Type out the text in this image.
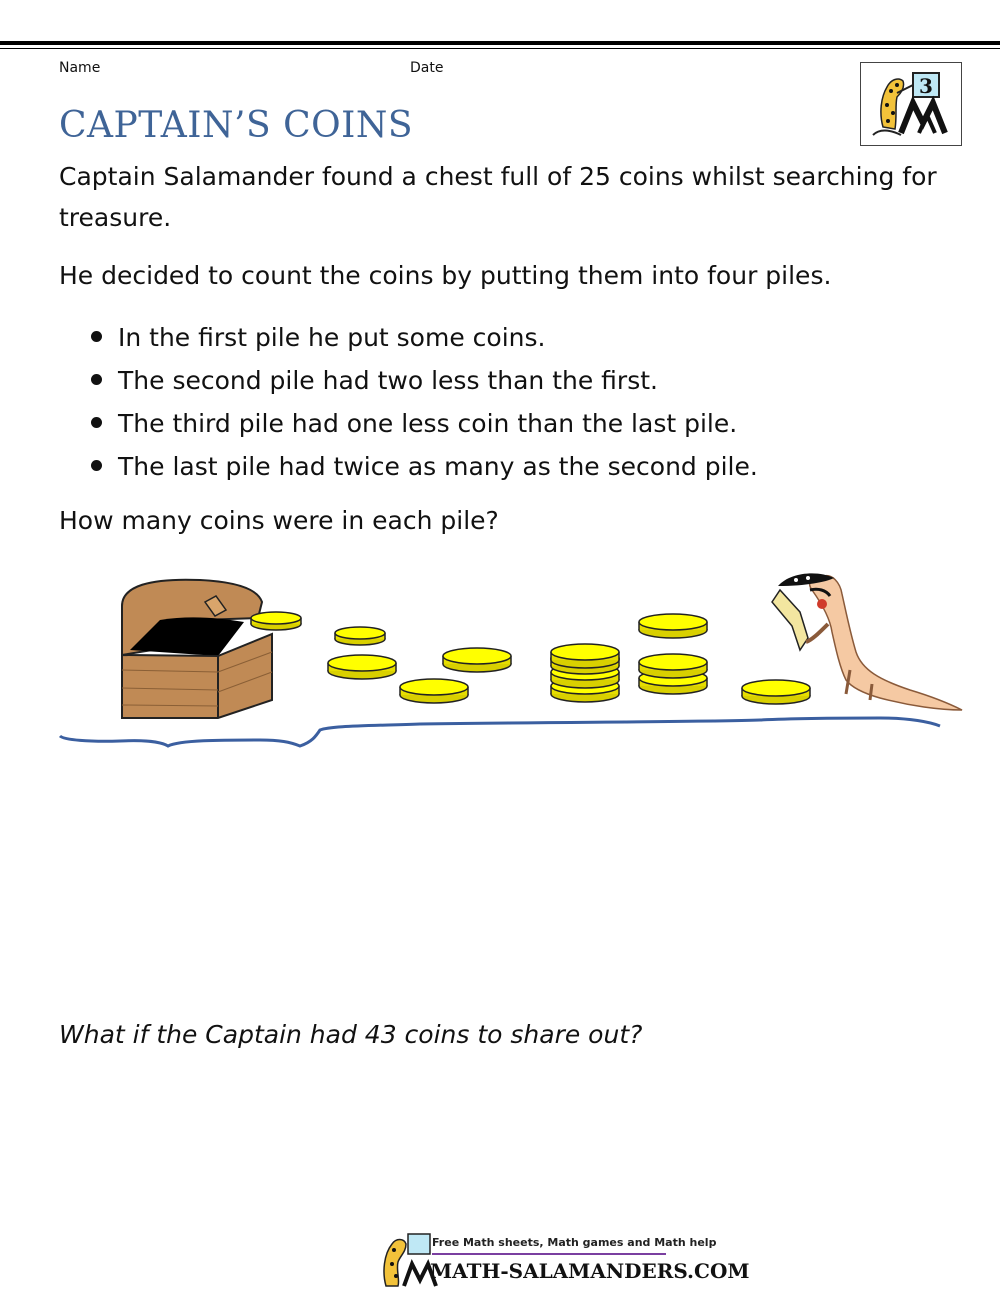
Name	Date
3
CAPTAIN’S COINS

Captain Salamander found a chest full of 25 coins whilst searching for treasure.

He decided to count the coins by putting them into four piles.

In the first pile he put some coins.
The second pile had two less than the first.
The third pile had one less coin than the last pile.
The last pile had twice as many as the second pile.

How many coins were in each pile?

What if the Captain had 43 coins to share out?

Free Math sheets, Math games and Math help
MATH-SALAMANDERS.COM
